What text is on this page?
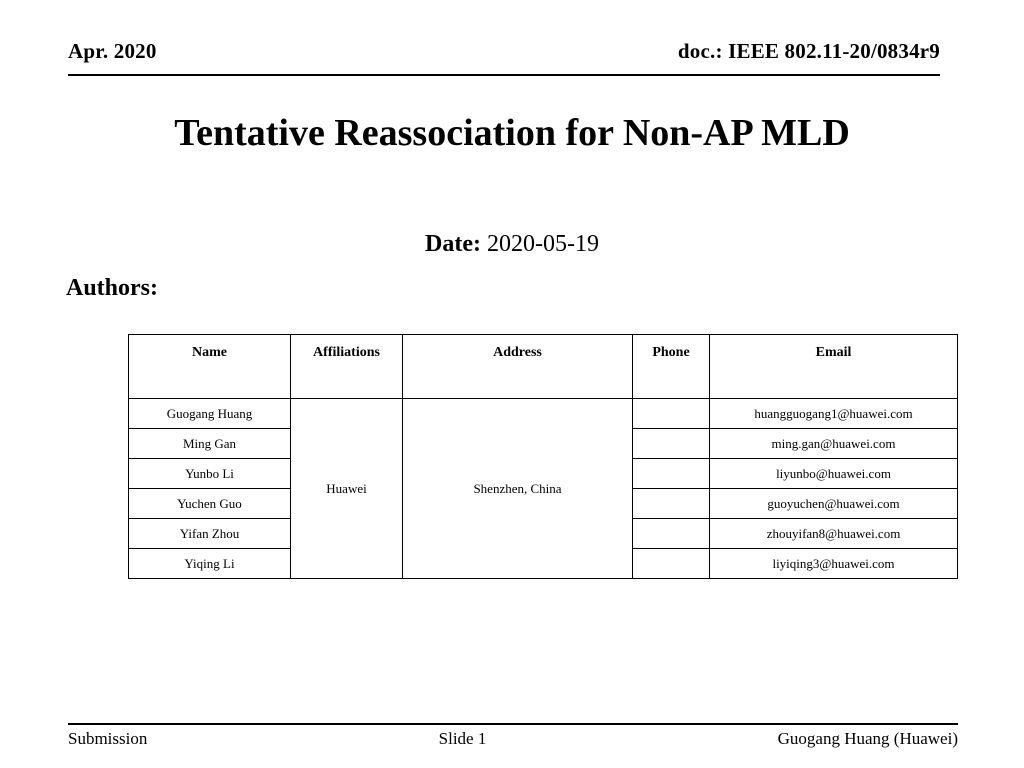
Apr. 2020	doc.: IEEE 802.11-20/0834r9
Tentative Reassociation for Non-AP MLD
Date: 2020-05-19
Authors:
Name	Affiliations	Address	Phone	Email
Guogang Huang	Huawei	Shenzhen, China		huangguogang1@huawei.com
Ming Gan				ming.gan@huawei.com
Yunbo Li				liyunbo@huawei.com
Yuchen Guo				guoyuchen@huawei.com
Yifan Zhou				zhouyifan8@huawei.com
Yiqing Li				liyiqing3@huawei.com
Submission	Slide 1	Guogang Huang (Huawei)
